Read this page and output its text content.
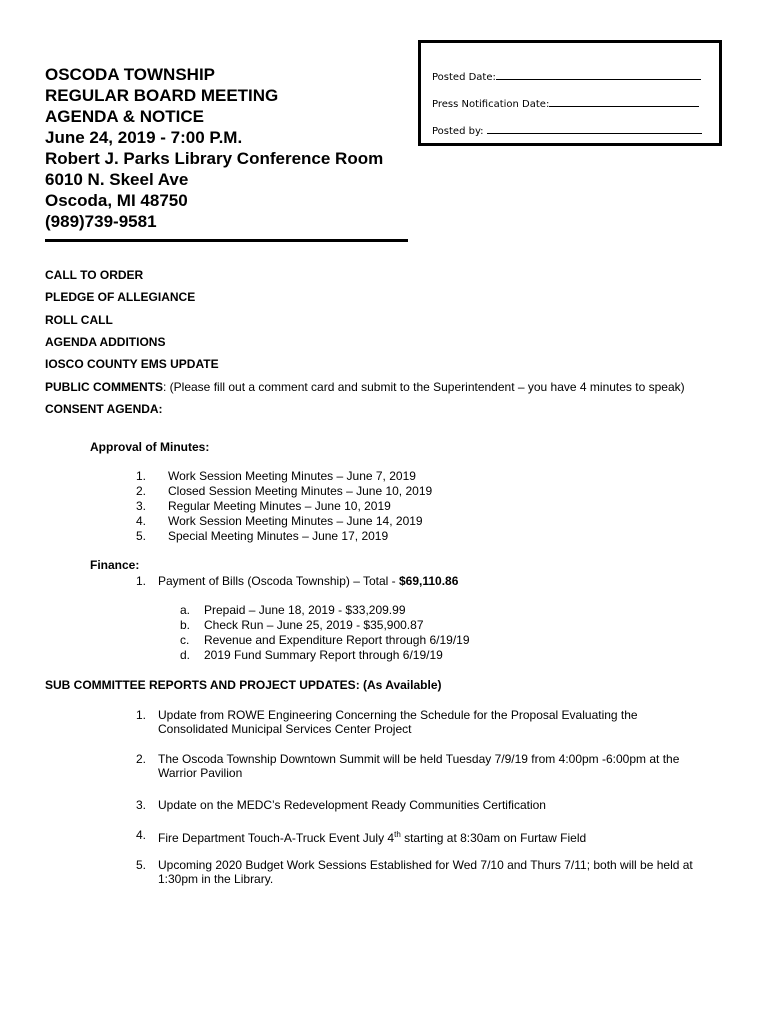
OSCODA TOWNSHIP
REGULAR BOARD MEETING
AGENDA & NOTICE
June 24, 2019 - 7:00 P.M.
Robert J. Parks Library Conference Room
6010 N. Skeel Ave
Oscoda, MI 48750
(989)739-9581
Posted Date:
Press Notification Date:
Posted by:
CALL TO ORDER
PLEDGE OF ALLEGIANCE
ROLL CALL
AGENDA ADDITIONS
IOSCO COUNTY EMS UPDATE
PUBLIC COMMENTS: (Please fill out a comment card and submit to the Superintendent – you have 4 minutes to speak)
CONSENT AGENDA:
Approval of Minutes:
1.	Work Session Meeting Minutes – June 7, 2019
2.	Closed Session Meeting Minutes – June 10, 2019
3.	Regular Meeting Minutes – June 10, 2019
4.	Work Session Meeting Minutes – June 14, 2019
5.	Special Meeting Minutes – June 17, 2019
Finance:
1. Payment of Bills (Oscoda Township) – Total - $69,110.86
a.	Prepaid – June 18, 2019 - $33,209.99
b.	Check Run – June 25, 2019 - $35,900.87
c.	Revenue and Expenditure Report through 6/19/19
d.	2019 Fund Summary Report through 6/19/19
SUB COMMITTEE REPORTS AND PROJECT UPDATES: (As Available)
1. Update from ROWE Engineering Concerning the Schedule for the Proposal Evaluating the Consolidated Municipal Services Center Project
2. The Oscoda Township Downtown Summit will be held Tuesday 7/9/19 from 4:00pm -6:00pm at the Warrior Pavilion
3. Update on the MEDC’s Redevelopment Ready Communities Certification
4. Fire Department Touch-A-Truck Event July 4th starting at 8:30am on Furtaw Field
5. Upcoming 2020 Budget Work Sessions Established for Wed 7/10 and Thurs 7/11; both will be held at 1:30pm in the Library.
